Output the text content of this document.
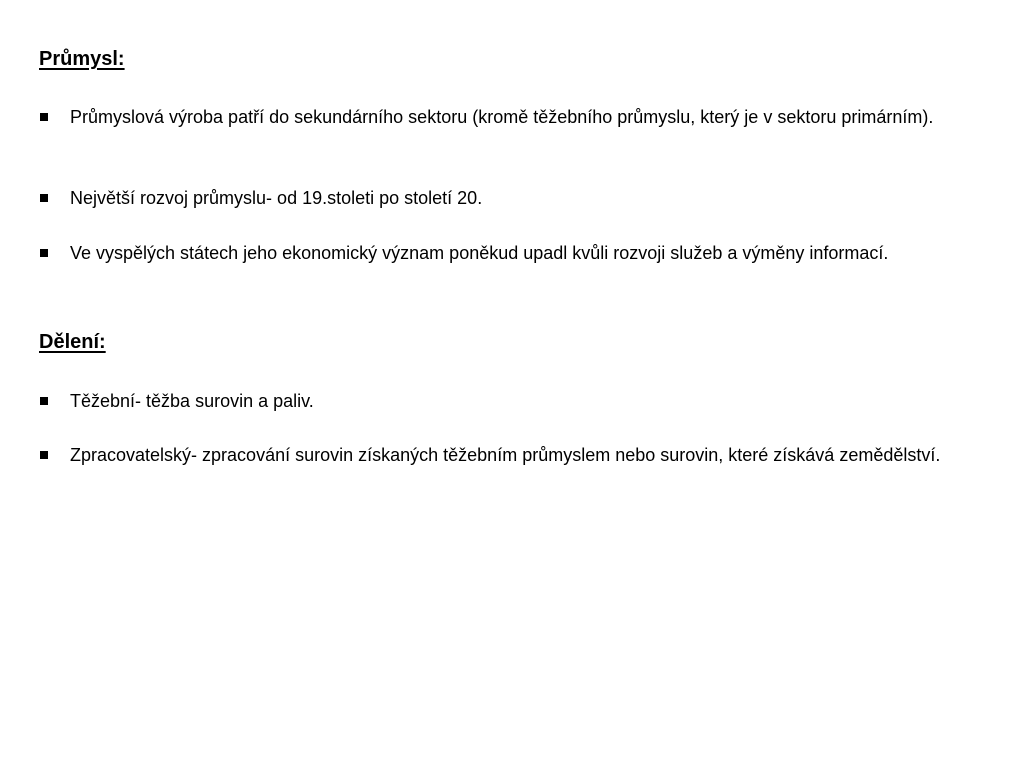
Průmysl:
Průmyslová výroba patří do sekundárního sektoru (kromě těžebního průmyslu, který je v sektoru primárním).
Největší rozvoj průmyslu- od 19.stoleti po století 20.
Ve vyspělých státech jeho ekonomický význam poněkud upadl kvůli rozvoji služeb a výměny informací.
Dělení:
Těžební- těžba surovin a paliv.
Zpracovatelský- zpracování surovin získaných těžebním průmyslem nebo surovin, které získává zemědělství.
